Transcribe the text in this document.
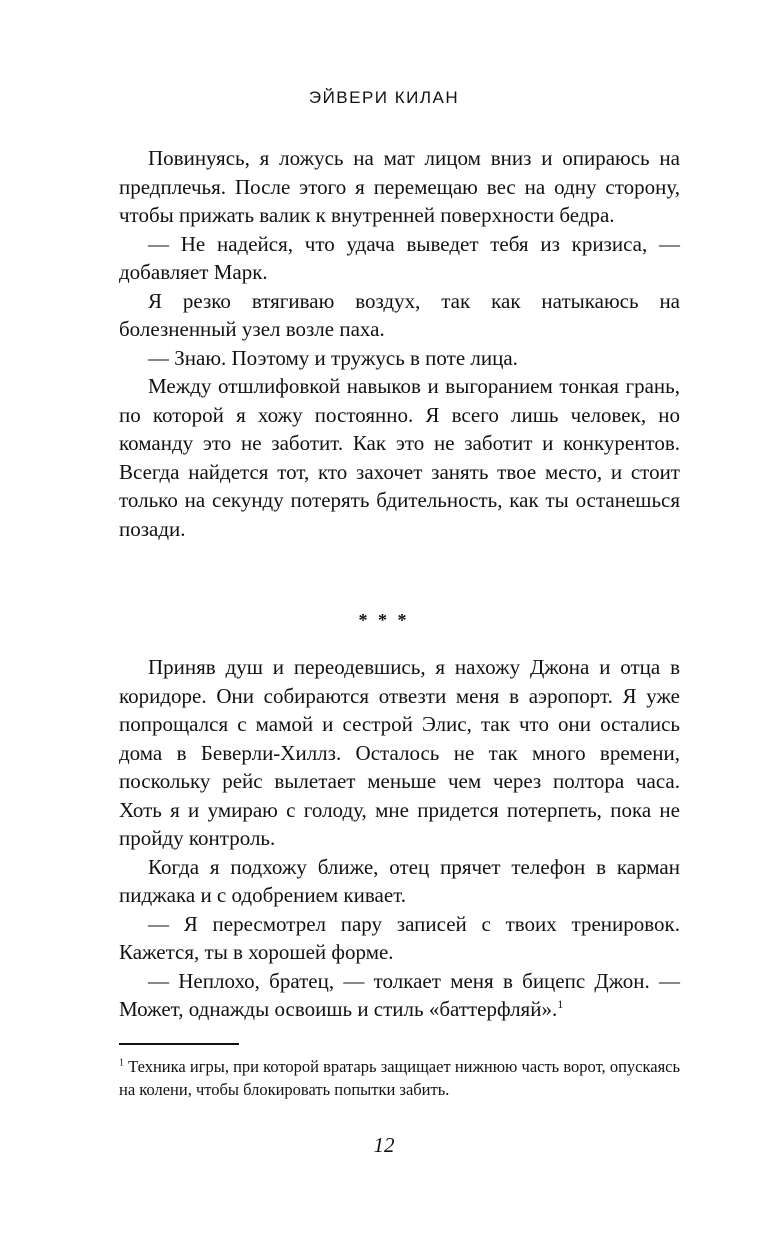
ЭЙВЕРИ КИЛАН

Повинуясь, я ложусь на мат лицом вниз и опираюсь на предплечья. После этого я перемещаю вес на одну сторону, чтобы прижать валик к внутренней поверхности бедра.

— Не надейся, что удача выведет тебя из кризиса, — добавляет Марк.

Я резко втягиваю воздух, так как натыкаюсь на болезненный узел возле паха.

— Знаю. Поэтому и тружусь в поте лица.

Между отшлифовкой навыков и выгоранием тонкая грань, по которой я хожу постоянно. Я всего лишь человек, но команду это не заботит. Как это не заботит и конкурентов. Всегда найдется тот, кто захочет занять твое место, и стоит только на секунду потерять бдительность, как ты останешься позади.

* * *

Приняв душ и переодевшись, я нахожу Джона и отца в коридоре. Они собираются отвезти меня в аэропорт. Я уже попрощался с мамой и сестрой Элис, так что они остались дома в Беверли-Хиллз. Осталось не так много времени, поскольку рейс вылетает меньше чем через полтора часа. Хоть я и умираю с голоду, мне придется потерпеть, пока не пройду контроль.

Когда я подхожу ближе, отец прячет телефон в карман пиджака и с одобрением кивает.

— Я пересмотрел пару записей с твоих тренировок. Кажется, ты в хорошей форме.

— Неплохо, братец, — толкает меня в бицепс Джон. — Может, однажды освоишь и стиль «баттерфляй».$^1$

$^1$ Техника игры, при которой вратарь защищает нижнюю часть ворот, опускаясь на колени, чтобы блокировать попытки забить.

12
